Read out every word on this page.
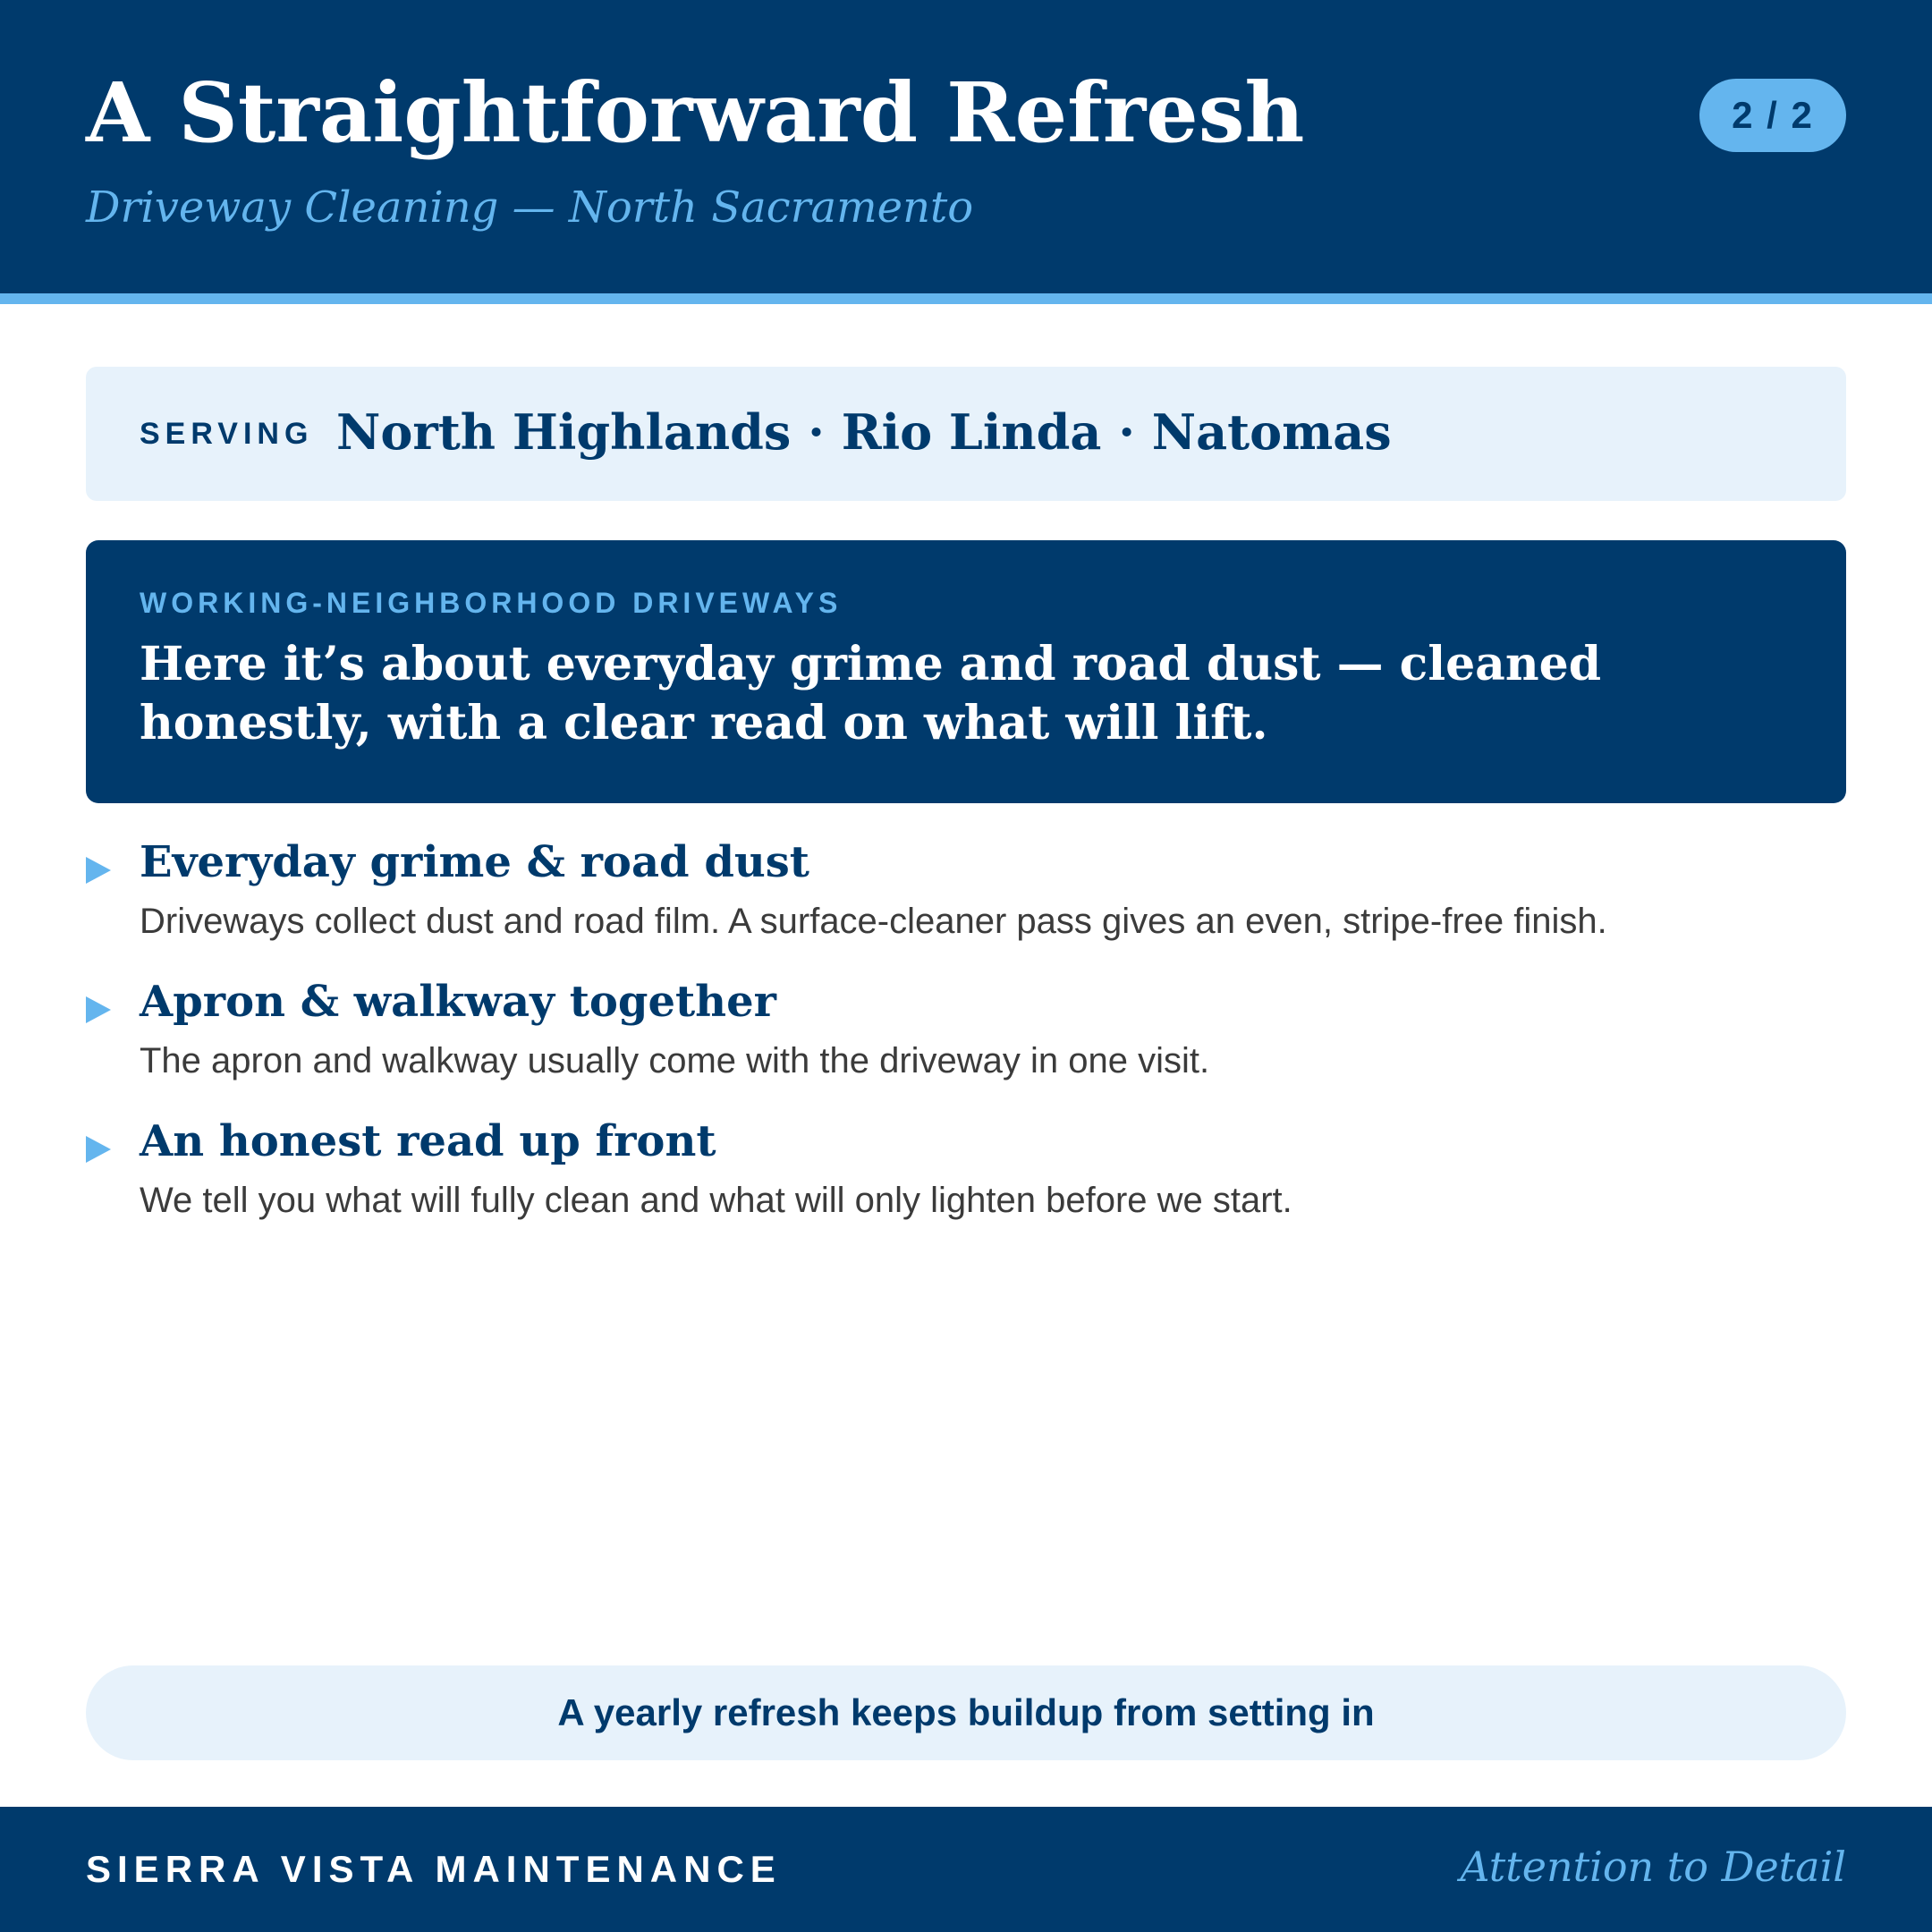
A Straightforward Refresh
Driveway Cleaning — North Sacramento
2 / 2
SERVING North Highlands · Rio Linda · Natomas
WORKING-NEIGHBORHOOD DRIVEWAYS
Here it’s about everyday grime and road dust — cleaned honestly, with a clear read on what will lift.
Everyday grime & road dust
Driveways collect dust and road film. A surface-cleaner pass gives an even, stripe-free finish.
Apron & walkway together
The apron and walkway usually come with the driveway in one visit.
An honest read up front
We tell you what will fully clean and what will only lighten before we start.
A yearly refresh keeps buildup from setting in
SIERRA VISTA MAINTENANCE	Attention to Detail
